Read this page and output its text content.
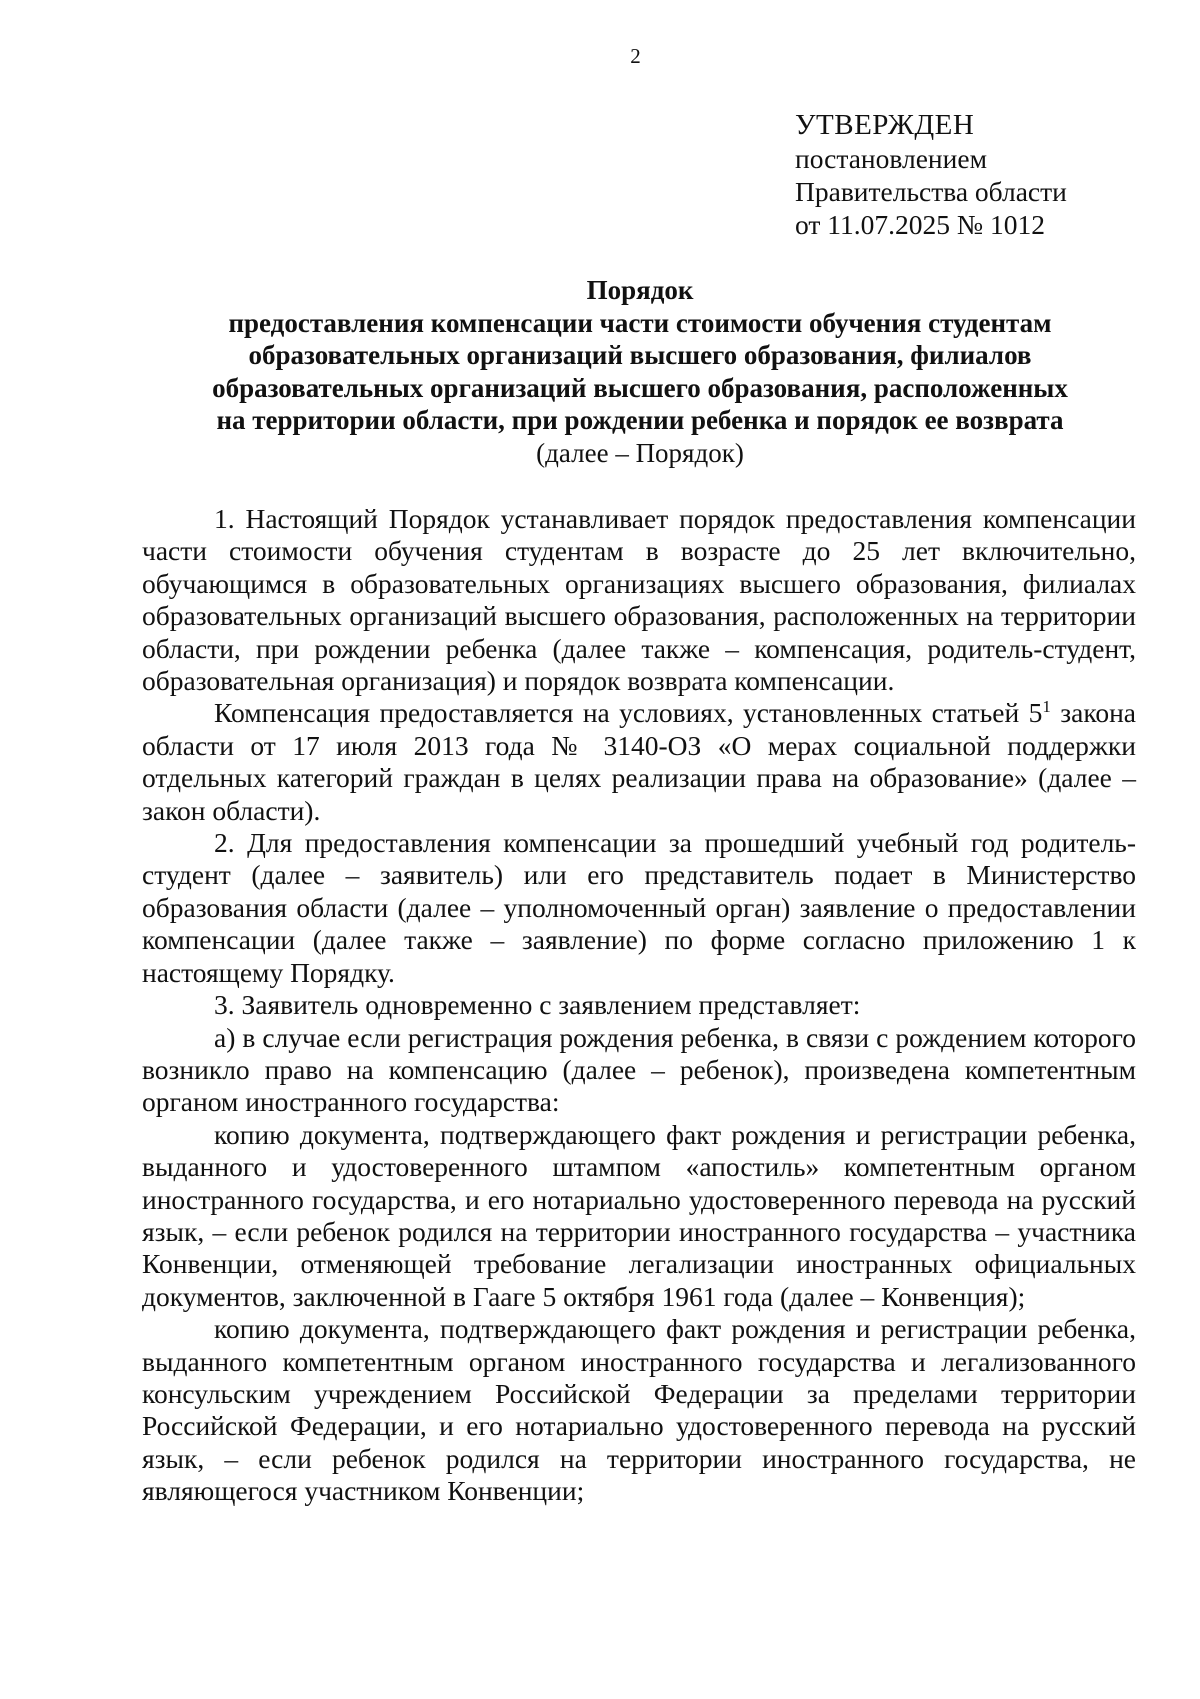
2
УТВЕРЖДЕН
постановлением
Правительства области
от 11.07.2025 № 1012
Порядок
предоставления компенсации части стоимости обучения студентам
образовательных организаций высшего образования, филиалов
образовательных организаций высшего образования, расположенных
на территории области, при рождении ребенка и порядок ее возврата
(далее – Порядок)

1. Настоящий Порядок устанавливает порядок предоставления компенсации части стоимости обучения студентам в возрасте до 25 лет включительно, обучающимся в образовательных организациях высшего образования, филиалах образовательных организаций высшего образования, расположенных на территории области, при рождении ребенка (далее также – компенсация, родитель-студент, образовательная организация) и порядок возврата компенсации.

Компенсация предоставляется на условиях, установленных статьей $5^1$ закона области от 17 июля 2013 года № 3140-ОЗ «О мерах социальной поддержки отдельных категорий граждан в целях реализации права на образование» (далее – закон области).

2. Для предоставления компенсации за прошедший учебный год родитель-студент (далее – заявитель) или его представитель подает в Министерство образования области (далее – уполномоченный орган) заявление о предоставлении компенсации (далее также – заявление) по форме согласно приложению 1 к настоящему Порядку.

3. Заявитель одновременно с заявлением представляет:

а) в случае если регистрация рождения ребенка, в связи с рождением которого возникло право на компенсацию (далее – ребенок), произведена компетентным органом иностранного государства:

копию документа, подтверждающего факт рождения и регистрации ребенка, выданного и удостоверенного штампом «апостиль» компетентным органом иностранного государства, и его нотариально удостоверенного перевода на русский язык, – если ребенок родился на территории иностранного государства – участника Конвенции, отменяющей требование легализации иностранных официальных документов, заключенной в Гааге 5 октября 1961 года (далее – Конвенция);

копию документа, подтверждающего факт рождения и регистрации ребенка, выданного компетентным органом иностранного государства и легализованного консульским учреждением Российской Федерации за пределами территории Российской Федерации, и его нотариально удостоверенного перевода на русский язык, – если ребенок родился на территории иностранного государства, не являющегося участником Конвенции;
